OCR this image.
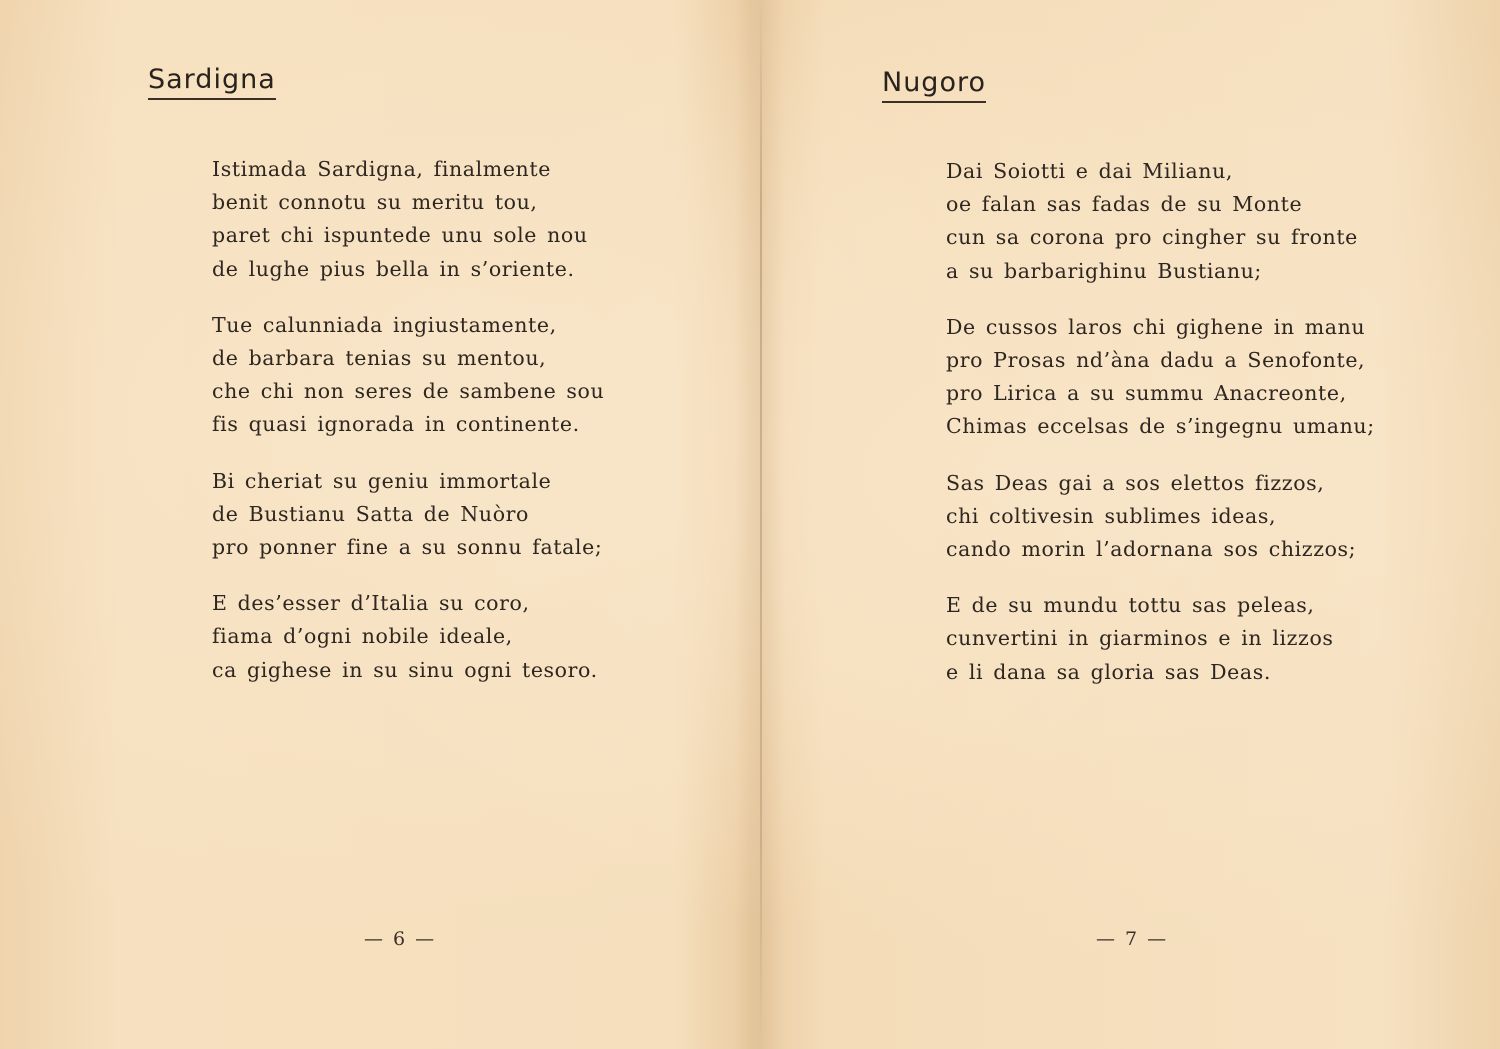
Sardigna
Istimada Sardigna, finalmente
benit connotu su meritu tou,
paret chi ispuntede unu sole nou
de lughe pius bella in s’oriente.
Tue calunniada ingiustamente,
de barbara tenias su mentou,
che chi non seres de sambene sou
fis quasi ignorada in continente.
Bi cheriat su geniu immortale
de Bustianu Satta de Nuòro
pro ponner fine a su sonnu fatale;
E des’esser d’Italia su coro,
fiama d’ogni nobile ideale,
ca gighese in su sinu ogni tesoro.
— 6 —
Nugoro
Dai Soiotti e dai Milianu,
oe falan sas fadas de su Monte
cun sa corona pro cingher su fronte
a su barbarighinu Bustianu;
De cussos laros chi gighene in manu
pro Prosas nd’àna dadu a Senofonte,
pro Lirica a su summu Anacreonte,
Chimas eccelsas de s’ingegnu umanu;
Sas Deas gai a sos elettos fizzos,
chi coltivesin sublimes ideas,
cando morin l’adornana sos chizzos;
E de su mundu tottu sas peleas,
cunvertini in giarminos e in lizzos
e li dana sa gloria sas Deas.
— 7 —
